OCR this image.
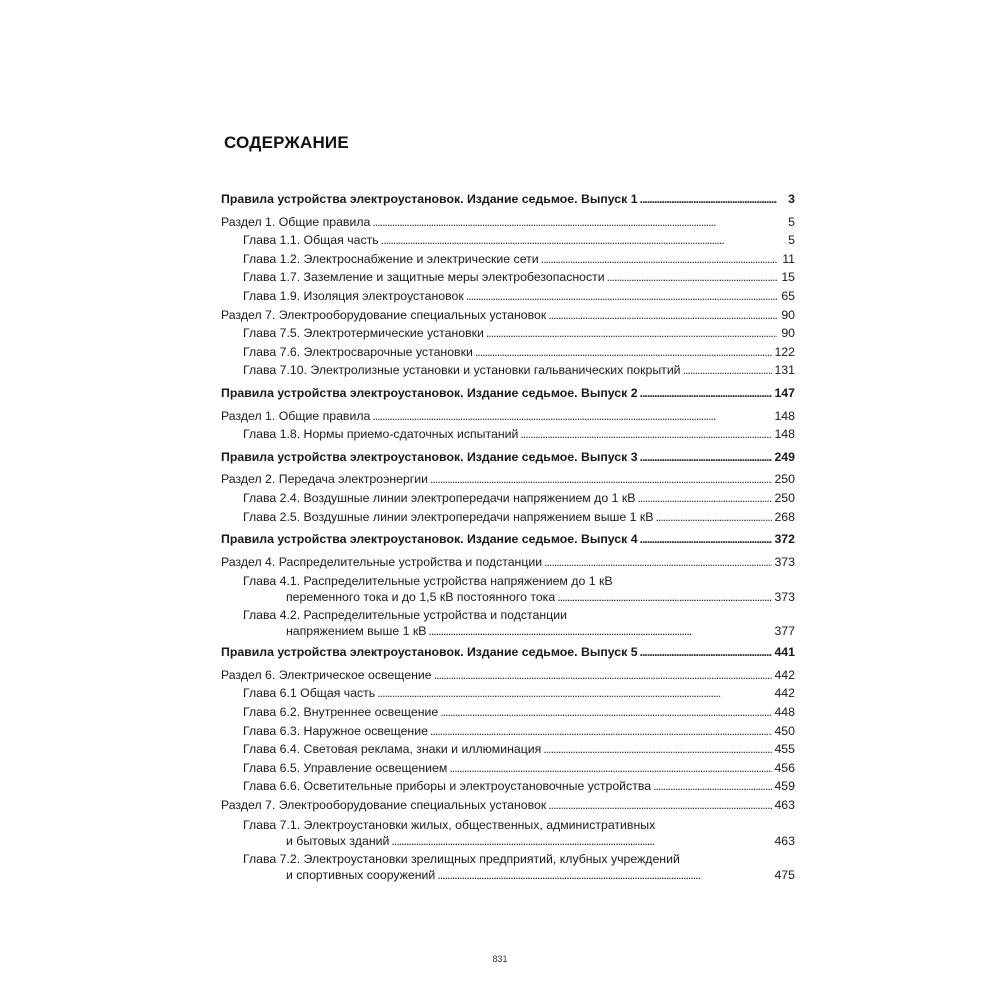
СОДЕРЖАНИЕ
Правила устройства электроустановок. Издание седьмое. Выпуск 1 . . .	3
Раздел 1. Общие правила . . .	5
Глава 1.1. Общая часть . . .	5
Глава 1.2. Электроснабжение и электрические сети . . .	11
Глава 1.7. Заземление и защитные меры электробезопасности . . .	15
Глава 1.9. Изоляция электроустановок . . .	65
Раздел 7. Электрооборудование специальных установок . . .	90
Глава 7.5. Электротермические установки . . .	90
Глава 7.6. Электросварочные установки . . .	122
Глава 7.10. Электролизные установки и установки гальванических покрытий . . .	131
Правила устройства электроустановок. Издание седьмое. Выпуск 2 . . .	147
Раздел 1. Общие правила . . .	148
Глава 1.8. Нормы приемо-сдаточных испытаний . . .	148
Правила устройства электроустановок. Издание седьмое. Выпуск 3 . . .	249
Раздел 2. Передача электроэнергии . . .	250
Глава 2.4. Воздушные линии электропередачи напряжением до 1 кВ . . .	250
Глава 2.5. Воздушные линии электропередачи напряжением выше 1 кВ . . .	268
Правила устройства электроустановок. Издание седьмое. Выпуск 4 . . .	372
Раздел 4. Распределительные устройства и подстанции . . .	373
Глава 4.1. Распределительные устройства напряжением до 1 кВ
переменного тока и до 1,5 кВ постоянного тока . . .	373
Глава 4.2. Распределительные устройства и подстанции
напряжением выше 1 кВ . . .	377
Правила устройства электроустановок. Издание седьмое. Выпуск 5 . . .	441
Раздел 6. Электрическое освещение . . .	442
Глава 6.1 Общая часть . . .	442
Глава 6.2. Внутреннее освещение . . .	448
Глава 6.3. Наружное освещение . . .	450
Глава 6.4. Световая реклама, знаки и иллюминация . . .	455
Глава 6.5. Управление освещением . . .	456
Глава 6.6. Осветительные приборы и электроустановочные устройства . . .	459
Раздел 7. Электрооборудование специальных установок . . .	463
Глава 7.1. Электроустановки жилых, общественных, административных
и бытовых зданий . . .	463
Глава 7.2. Электроустановки зрелищных предприятий, клубных учреждений
и спортивных сооружений . . .	475
831
